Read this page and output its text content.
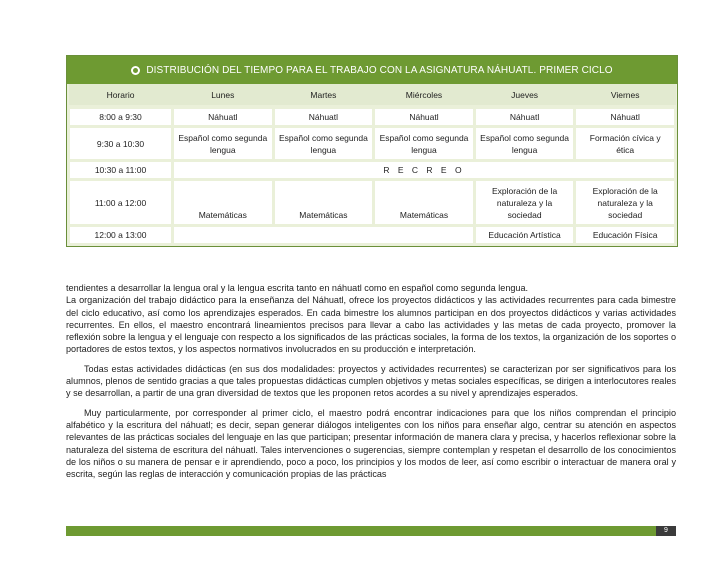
DISTRIBUCIÓN DEL TIEMPO PARA EL TRABAJO CON LA ASIGNATURA NÁHUATL. PRIMER CICLO
Horario	Lunes	Martes	Miércoles	Jueves	Viernes
8:00 a 9:30	Náhuatl	Náhuatl	Náhuatl	Náhuatl	Náhuatl
9:30 a 10:30	Español como segunda lengua	Español como segunda lengua	Español como segunda lengua	Español como segunda lengua	Formación cívica y ética
10:30 a 11:00	R E C R E O				
11:00 a 12:00	Matemáticas	Matemáticas	Matemáticas	Exploración de la naturaleza y la sociedad	Exploración de la naturaleza y la sociedad
12:00 a 13:00				Educación Artística	Educación Física

tendientes a desarrollar la lengua oral y la lengua escrita tanto en náhuatl como en español como segunda lengua.

La organización del trabajo didáctico para la enseñanza del Náhuatl, ofrece los proyectos didácticos y las actividades recurrentes para cada bimestre del ciclo educativo, así como los aprendizajes esperados. En cada bimestre los alumnos participan en dos proyectos didácticos y varias actividades recurrentes. En ellos, el maestro encontrará lineamientos precisos para llevar a cabo las actividades y las metas de cada proyecto, promover la reflexión sobre la lengua y el lenguaje con respecto a los significados de las prácticas sociales, la forma de los textos, la organización de los soportes o portadores de estos textos, y los aspectos normativos involucrados en su producción e interpretación.

Todas estas actividades didácticas (en sus dos modalidades: proyectos y actividades recurrentes) se caracterizan por ser significativos para los alumnos, plenos de sentido gracias a que tales propuestas didácticas cumplen objetivos y metas sociales específicas, se dirigen a interlocutores reales y se desarrollan, a partir de una gran diversidad de textos que les proponen retos acordes a su nivel y aprendizajes esperados.

Muy particularmente, por corresponder al primer ciclo, el maestro podrá encontrar indicaciones para que los niños comprendan el principio alfabético y la escritura del náhuatl; es decir, sepan generar diálogos inteligentes con los niños para enseñar algo, centrar su atención en aspectos relevantes de las prácticas sociales del lenguaje en las que participan; presentar información de manera clara y precisa, y hacerlos reflexionar sobre la naturaleza del sistema de escritura del náhuatl. Tales intervenciones o sugerencias, siempre contemplan y respetan el desarrollo de los conocimientos de los niños o su manera de pensar e ir aprendiendo, poco a poco, los principios y los modos de leer, así como escribir o interactuar de manera oral y escrita, según las reglas de interacción y comunicación propias de las prácticas

9
